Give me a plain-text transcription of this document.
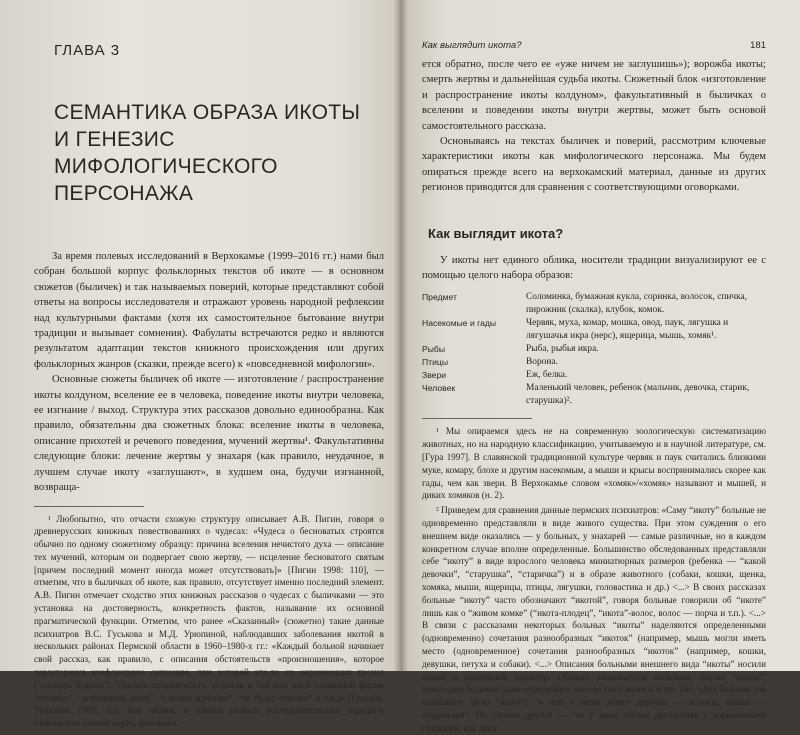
ГЛАВА 3
СЕМАНТИКА ОБРАЗА ИКОТЫ
И ГЕНЕЗИС
МИФОЛОГИЧЕСКОГО ПЕРСОНАЖА

За время полевых исследований в Верхокамье (1999–2016 гг.) нами был собран большой корпус фольклорных текстов об икоте — в основном сюжетов (быличек) и так называемых поверий, которые представляют собой ответы на вопросы исследователя и отражают уровень народной рефлексии над культурными фактами (хотя их самостоятельное бытование внутри традиции и вызывает сомнения). Фабулаты встречаются редко и являются результатом адаптации текстов книжного происхождения или других фольклорных жанров (сказки, прежде всего) к «повседневной мифологии».

Основные сюжеты быличек об икоте — изготовление / распространение икоты колдуном, вселение ее в человека, поведение икоты внутри человека, ее изгнание / выход. Структура этих рассказов довольно единообразна. Как правило, обязательны два сюжетных блока: вселение икоты в человека, описание прихотей и речевого поведения, мучений жертвы¹. Факультативны следующие блоки: лечение жертвы у знахаря (как правило, неудачное, в лучшем случае икоту «заглушают», в худшем она, будучи изгнанной, возвраща-

¹ Любопытно, что отчасти схожую структуру описывает А.В. Пигин, говоря о древнерусских книжных повествованиях о чудесах: «Чудеса о бесноватых строятся обычно по одному сюжетному образцу: причина вселения нечистого духа — описание тех мучений, которым он подвергает свою жертву, — исцеление бесноватого святым [причем последний момент иногда может отсутствовать]» [Пигин 1998: 110], — отметим, что в быличках об икоте, как правило, отсутствует именно последний элемент. А.В. Пигин отмечает сходство этих книжных рассказов о чудесах с быличками — это установка на достоверность, конкретность фактов, называние их основной прагматической функции. Отметим, что ранее «Сказанный» (сюжетно) такие данные психиатров В.С. Гуськова и М.Д. Урюпиной, наблюдавших заболевания икотой в нескольких районах Пермской области в 1960–1980-х гг.: «Каждый больной начинает свой рассказ, как правило, с описания обстоятельств «произношения», которое характеризуя конфликтную ситуацию, при которой кто-то из окружающих грозил (“сокнуть будешь”, “сделать неприятность, угрожая в той или иной словесной форме “отомщу”, “вспомнишь меня”, “сделаю мучения”, “не будет счастья” и т.п.)» [Гуськов, Урюпина 1985: 32]. Как видим, в рамках разных исследовательских парадигм отмечаются схожие черты феномена.

Как выглядит икота?	181

ется обратно, после чего ее «уже ничем не заглушишь»); ворожба икоты; смерть жертвы и дальнейшая судьба икоты. Сюжетный блок «изготовление и распространение икоты колдуном», факультативный в быличках о вселении и поведении икоты внутри жертвы, может быть основой самостоятельного рассказа.

Основываясь на текстах быличек и поверий, рассмотрим ключевые характеристики икоты как мифологического персонажа. Мы будем опираться прежде всего на верхокамский материал, данные из других регионов приводятся для сравнения с соответствующими оговорками.

Как выглядит икота?

У икоты нет единого облика, носители традиции визуализируют ее с помощью целого набора образов:

Предмет	Соломинка, бумажная кукла, соринка, волосок, спичка, пирожник (скалка), клубок, комок.
Насекомые и гады	Червяк, муха, комар, мошка, овод, паук, лягушка и лягушачья икра (нерс), ящерица, мышь, хомяк¹.
Рыбы	Рыба, рыбья икра.
Птицы	Ворона.
Звери	Еж, белка.
Человек	Маленький человек, ребенок (мальчик, девочка, старик, старушка)².

¹ Мы опираемся здесь не на современную зоологическую систематизацию животных, но на народную классификацию, учитываемую и в научной литературе, см. [Гура 1997]. В славянской традиционной культуре червяк и паук считались близкими муке, комару, блохе и другим насекомым, а мыши и крысы воспринимались скорее как гады, чем как звери. В Верхокамье словом «хомяк»/«хомяк» называют и мышей, и диких хомяков (н. 2).

² Приведем для сравнения данные пермских психиатров: «Саму “икоту” больные не одновременно представляли в виде живого существа. При этом суждения о его внешнем виде оказались — у больных, у знахарей — самые различные, но в каждом конкретном случае вполне определенные. Большинство обследованных представляли себе “икоту” в виде взрослого человека миниатюрных размеров (ребенка — “какой девочки”, “старушка”, “старичка”) и в образе животного (собаки, кошки, щенка, хомяка, мыши, ящерицы, птицы, лягушки, головастика и др.) <...> В своих рассказах больные “икоту” часто обозначают “икотой”, говоря больные говорили об “икоте” лишь как о “живом комке” (“икота-плодец”, “икота”-волос, волос — порча и т.п.). <...> В связи с рассказами некоторых больных “икоты” наделяются определенными (одновременно) сочетания разнообразных “икоток” (например, мышь могли иметь место (одновременное) сочетания разнообразных “икоток” (например, кошки, девушки, петуха и собаки). <...> Описания больными внешнего вида “икоты” носили яркий и красочный характер. Обычно указываются величина, форма “икоты”, некоторые больные даже определяют цвет ее глаз, волосы и пр. Так, одна больная так описывает свою “икоту”: “в ней у меня живет девочка — волосы, кошка — гладенькая”. По словам другой — “ее у меня собака двухлетняя с коричневыми гладкими, как лиса”.
